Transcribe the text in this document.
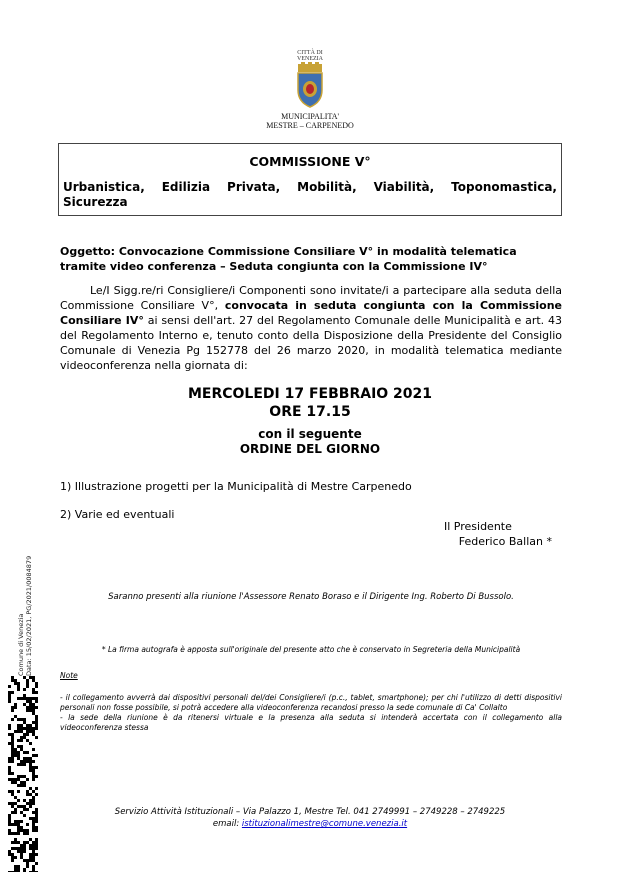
CITTÀ DI
VENEZIA
MUNICIPALITA'
MESTRE – CARPENEDO
COMMISSIONE V°
Urbanistica, Edilizia Privata, Mobilità, Viabilità, Toponomastica,
Sicurezza
Oggetto: Convocazione Commissione Consiliare V° in modalità telematica tramite video conferenza – Seduta congiunta con la Commissione IV°
Le/I Sigg.re/ri Consigliere/i Componenti sono invitate/i a partecipare alla seduta della Commissione Consiliare V°, convocata in seduta congiunta con la Commissione Consiliare IV° ai sensi dell'art. 27 del Regolamento Comunale delle Municipalità e art. 43 del Regolamento Interno e, tenuto conto della Disposizione della Presidente del Consiglio Comunale di Venezia Pg 152778 del 26 marzo 2020, in modalità telematica mediante videoconferenza nella giornata di:
MERCOLEDI 17 FEBBRAIO 2021
ORE 17.15
con il seguente
ORDINE DEL GIORNO
1) Illustrazione progetti per la Municipalità di Mestre Carpenedo
2) Varie ed eventuali
Il Presidente
Federico Ballan *
Saranno presenti alla riunione l'Assessore Renato Boraso e il Dirigente Ing. Roberto Di Bussolo.
* La firma autografa è apposta sull'originale del presente atto che è conservato in Segreteria della Municipalità
Note
- il collegamento avverrà dai dispositivi personali del/dei Consigliere/i (p.c., tablet, smartphone); per chi l'utilizzo di detti dispositivi personali non fosse possibile, si potrà accedere alla videoconferenza recandosi presso la sede comunale di Ca' Collalto
- la sede della riunione è da ritenersi virtuale e la presenza alla seduta si intenderà accertata con il collegamento alla videoconferenza stessa
Servizio Attività Istituzionali – Via Palazzo 1, Mestre Tel. 041 2749991 – 2749228 – 2749225
email: istituzionalimestre@comune.venezia.it
Comune di Venezia Data: 15/02/2021, PG/2021/0084879
